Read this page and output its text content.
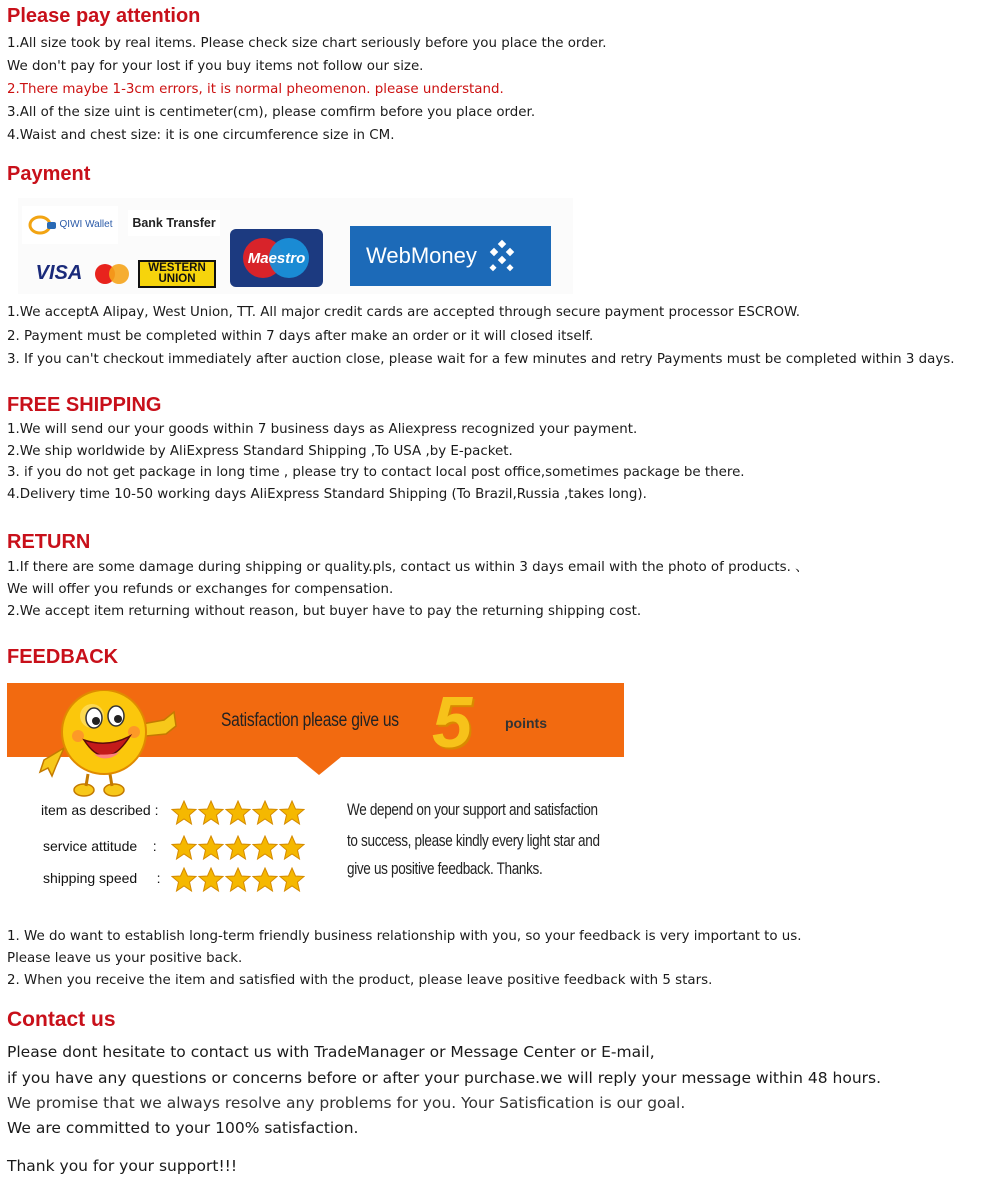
Please pay attention
1.All size took by real items. Please check size chart seriously before you place the order.
We don't pay for your lost if you buy items not follow our size.
2.There maybe 1-3cm errors, it is normal pheomenon. please understand.
3.All of the size uint is centimeter(cm), please comfirm before you place order.
4.Waist and chest size: it is one circumference size in CM.
Payment
QIWI Wallet	Bank Transfer
VISA	WESTERN
UNION
Maestro	WebMoney
1.We acceptA Alipay, West Union, TT. All major credit cards are accepted through secure payment processor ESCROW.
2. Payment must be completed within 7 days after make an order or it will closed itself.
3. If you can't checkout immediately after auction close, please wait for a few minutes and retry Payments must be completed within 3 days.
FREE SHIPPING
1.We will send our your goods within 7 business days as Aliexpress recognized your payment.
2.We ship worldwide by AliExpress Standard Shipping ,To USA ,by E-packet.
3. if you do not get package in long time , please try to contact local post office,sometimes package be there.
4.Delivery time 10-50 working days AliExpress Standard Shipping (To Brazil,Russia ,takes long).
RETURN
1.If there are some damage during shipping or quality.pls, contact us within 3 days email with the photo of products. 、
We will offer you refunds or exchanges for compensation.
2.We accept item returning without reason, but buyer have to pay the returning shipping cost.
FEEDBACK
Satisfaction please give us 5 points
item as described :
service attitude    :
shipping speed     :
We depend on your support and satisfaction
to success, please kindly every light star and
give us positive feedback. Thanks.
1. We do want to establish long-term friendly business relationship with you, so your feedback is very important to us.
Please leave us your positive back.
2. When you receive the item and satisfied with the product, please leave positive feedback with 5 stars.
Contact us
Please dont hesitate to contact us with TradeManager or Message Center or E-mail,
if you have any questions or concerns before or after your purchase.we will reply your message within 48 hours.
We promise that we always resolve any problems for you. Your Satisfication is our goal.
We are committed to your 100% satisfaction.
Thank you for your support!!!
